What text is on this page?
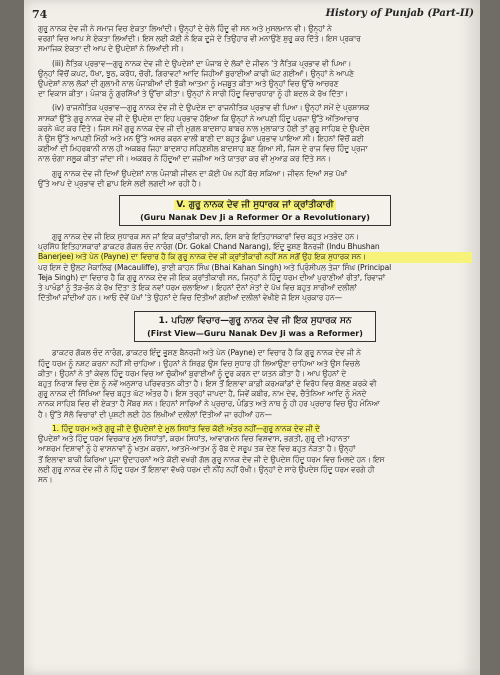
74	History of Punjab (Part-II)
ਗੁਰੂ ਨਾਨਕ ਦੇਵ ਜੀ ਨੇ ਸਮਾਜ ਵਿਚ ਏਕਤਾ ਲਿਆਂਦੀ। ਉਨ੍ਹਾਂ ਦੇ ਚੇਲੇ ਹਿੰਦੂ ਵੀ ਸਨ ਅਤੇ ਮੁਸਲਮਾਨ ਵੀ। ਉਨ੍ਹਾਂ ਨੇ
ਵਰਗਾਂ ਵਿਚ ਆਪ ਸੇ ਏਕਤਾ ਲਿਆਂਦੀ। ਇਸ ਲਈ ਕੋਈ ਨੇ ਇਕ ਦੂਜੇ ਦੇ ਤਿਉਹਾਰ ਵੀ ਮਨਾਉਣੇ ਸ਼ੁਰੂ ਕਰ ਦਿੱਤੇ। ਇਸ ਪ੍ਰਕਾਰ
ਸਮਾਜਿਕ ਏਕਤਾ ਦੀ ਆਪ ਦੇ ਉਪਦੇਸ਼ਾਂ ਨੇ ਲਿਆਂਦੀ ਸੀ।
(iii) ਨੈਤਿਕ ਪ੍ਰਭਾਵ—ਗੁਰੂ ਨਾਨਕ ਦੇਵ ਜੀ ਦੇ ਉਪਦੇਸ਼ਾਂ ਦਾ ਪੰਜਾਬ ਦੇ ਲੋਕਾਂ ਦੇ ਜੀਵਨ 'ਤੇ ਨੈਤਿਕ ਪ੍ਰਭਾਵ ਵੀ ਪਿਆ।
ਉਨ੍ਹਾਂ ਵਿੱਚੋਂ ਕਪਟ, ਧੋਖਾ, ਝੂਠ, ਕਰੋਧ, ਚੋਰੀ, ਗਿਰਾਵਟਾਂ ਆਦਿ ਜਿਹੀਆਂ ਬੁਰਾਈਆਂ ਕਾਫੀ ਘੱਟ ਗਈਆਂ। ਉਨ੍ਹਾਂ ਨੇ ਆਪਣੇ
ਉਪਦੇਸ਼ਾਂ ਨਾਲ ਲੋਕਾਂ ਦੀ ਗੁਲਾਮੀ ਨਾਲ ਪੰਜਾਬੀਆਂ ਦੀ ਝੁੱਕੀ ਆਤਮਾ ਨੂੰ ਮਜ਼ਬੂਤ ਕੀਤਾ ਅਤੇ ਉਨ੍ਹਾਂ ਵਿਚ ਉੱਚੇ ਆਚਰਣ
ਦਾ ਵਿਕਾਸ ਕੀਤਾ। ਪੰਜਾਬ ਨੂੰ ਗੁਰਸਿੱਖਾਂ ਤੇ ਉੱਚਾ ਕੀਤਾ। ਉਨ੍ਹਾਂ ਨੇ ਸਾਰੀ ਹਿੰਦੂ ਵਿਚਾਰਧਾਰਾ ਨੂੰ ਹੀ ਬਦਲ ਕੇ ਰੱਖ ਦਿੱਤਾ।
(iv) ਰਾਜਨੀਤਿਕ ਪ੍ਰਭਾਵ—ਗੁਰੂ ਨਾਨਕ ਦੇਵ ਜੀ ਦੇ ਉਪਦੇਸ਼ ਦਾ ਰਾਜਨੀਤਿਕ ਪ੍ਰਭਾਵ ਵੀ ਪਿਆ। ਉਨ੍ਹਾਂ ਸਮੇਂ ਦੇ ਪ੍ਰਸ਼ਾਸਕ
ਸਾਸਕਾਂ ਉੱਤੇ ਗੁਰੂ ਨਾਨਕ ਦੇਵ ਜੀ ਦੇ ਉਪਦੇਸ਼ ਦਾ ਇਹ ਪ੍ਰਭਾਵ ਹੋਇਆ ਕਿ ਉਨ੍ਹਾਂ ਨੇ ਆਪਣੀ ਹਿੰਦੂ ਪਰਜਾ ਉੱਤੇ ਅੱਤਿਆਚਾਰ
ਕਰਨੇ ਘੱਟ ਕਰ ਦਿੱਤੇ। ਜਿਸ ਸਮੇਂ ਗੁਰੂ ਨਾਨਕ ਦੇਵ ਜੀ ਦੀ ਮੁਗਲ ਬਾਦਸ਼ਾਹ ਬਾਬਰ ਨਾਲ ਮੁਲਾਕਾਤ ਹੋਈ ਤਾਂ ਗੁਰੂ ਸਾਹਿਬ ਦੇ ਉਪਦੇਸ਼
ਨੇ ਉਸ ਉੱਤੇ ਆਪਣੀ ਮਿੱਠੀ ਅਤੇ ਮਨ ਉੱਤੇ ਅਸਰ ਕਰਨ ਵਾਲੀ ਬਾਣੀ ਦਾ ਬਹੁਤ ਡੂੰਘਾ ਪ੍ਰਭਾਵ ਪਾਇਆ ਸੀ। ਇਹਨਾਂ ਵਿੱਚੋਂ ਕਈ
ਕਈਆਂ ਦੀ ਮਿਹਰਬਾਨੀ ਨਾਲ ਹੀ ਅਕਬਰ ਜਿਹਾ ਬਾਦਸ਼ਾਹ ਸਹਿਣਸ਼ੀਲ ਬਾਦਸ਼ਾਹ ਬਣ ਗਿਆ ਸੀ, ਜਿਸ ਦੇ ਰਾਜ ਵਿਚ ਹਿੰਦੂ ਪ੍ਰਜਾ
ਨਾਲ ਚੰਗਾ ਸਲੂਕ ਕੀਤਾ ਜਾਂਦਾ ਸੀ। ਅਕਬਰ ਨੇ ਹਿੰਦੂਆਂ ਦਾ ਜਜ਼ੀਆ ਅਤੇ ਯਾਤਰਾ ਕਰ ਵੀ ਮੁਆਫ਼ ਕਰ ਦਿੱਤੇ ਸਨ।
ਗੁਰੂ ਨਾਨਕ ਦੇਵ ਜੀ ਦਿਆਂ ਉਪਦੇਸ਼ਾਂ ਨਾਲ ਪੰਜਾਬੀ ਜੀਵਨ ਦਾ ਕੋਈ ਪੱਖ ਨਹੀਂ ਬੱਚ ਸਕਿਆ। ਜੀਵਨ ਦਿਆਂ ਸਭ ਪੱਖਾਂ
ਉੱਤੇ ਆਪ ਦੇ ਪ੍ਰਭਾਵ ਦੀ ਛਾਪ ਇਸੇ ਲਈ ਲਗਦੀ ਆ ਰਹੀ ਹੈ।
V. ਗੁਰੂ ਨਾਨਕ ਦੇਵ ਜੀ ਸੁਧਾਰਕ ਜਾਂ ਕ੍ਰਾਂਤੀਕਾਰੀ
(Guru Nanak Dev Ji a Reformer Or a Revolutionary)
ਗੁਰੂ ਨਾਨਕ ਦੇਵ ਜੀ ਇਕ ਸੁਧਾਰਕ ਸਨ ਜਾਂ ਇਕ ਕ੍ਰਾਂਤੀਕਾਰੀ ਸਨ, ਇਸ ਬਾਰੇ ਇਤਿਹਾਸਕਾਰਾਂ ਵਿਚ ਬਹੁਤ ਮਤਭੇਦ ਹਨ।
ਪ੍ਰਸਿੱਧ ਇਤਿਹਾਸਕਾਰਾਂ ਡਾਕਟਰ ਗੋਕਲ ਚੰਦ ਨਾਰੰਗ (Dr. Gokal Chand Narang), ਇੰਦੂ ਭੂਸ਼ਣ ਬੈਨਰਜੀ (Indu Bhushan
Banerjee) ਅਤੇ ਪੇਨ (Payne) ਦਾ ਵਿਚਾਰ ਹੈ ਕਿ ਗੁਰੂ ਨਾਨਕ ਦੇਵ ਜੀ ਕ੍ਰਾਂਤੀਕਾਰੀ ਨਹੀਂ ਸਨ ਸਗੋਂ ਉਹ ਇਕ ਸੁਧਾਰਕ ਸਨ।
ਪਰ ਇਸ ਦੇ ਉਲਟ ਮੈਕਾਲਿਫ (Macauliffe), ਭਾਈ ਕਾਹਨ ਸਿੰਘ (Bhai Kahan Singh) ਅਤੇ ਪ੍ਰਿੰਸੀਪਲ ਤੇਜਾ ਸਿੰਘ (Principal
Teja Singh) ਦਾ ਵਿਚਾਰ ਹੈ ਕਿ ਗੁਰੂ ਨਾਨਕ ਦੇਵ ਜੀ ਇਕ ਕ੍ਰਾਂਤੀਕਾਰੀ ਸਨ, ਜਿਨ੍ਹਾਂ ਨੇ ਹਿੰਦੂ ਧਰਮ ਦੀਆਂ ਪੁਰਾਣੀਆਂ ਰੀਤਾਂ, ਰਿਵਾਜਾਂ
ਤੇ ਪਾਖੰਡਾਂ ਨੂੰ ਤੋੜ-ਭੰਨ ਕੇ ਰੱਖ ਦਿੱਤਾ ਤੇ ਇਕ ਨਵਾਂ ਧਰਮ ਚਲਾਇਆ। ਇਹਨਾਂ ਦੋਨਾਂ ਮੱਤਾਂ ਦੇ ਪੱਖ ਵਿਚ ਬਹੁਤ ਸਾਰੀਆਂ ਦਲੀਲਾਂ
ਦਿੱਤੀਆਂ ਜਾਂਦੀਆਂ ਹਨ। ਆਓ ਦੋਵੇਂ ਪੱਖਾਂ 'ਤੇ ਉਹਨਾਂ ਦੇ ਵਿਚ ਦਿੱਤੀਆਂ ਗਈਆਂ ਦਲੀਲਾਂ ਵੇਖੀਏ ਜੋ ਇਸ ਪ੍ਰਕਾਰ ਹਨ—
1. ਪਹਿਲਾ ਵਿਚਾਰ—ਗੁਰੂ ਨਾਨਕ ਦੇਵ ਜੀ ਇਕ ਸੁਧਾਰਕ ਸਨ
(First View—Guru Nanak Dev Ji was a Reformer)
ਡਾਕਟਰ ਗੋਕਲ ਚੰਦ ਨਾਰੰਗ, ਡਾਕਟਰ ਇੰਦੂ ਭੂਸ਼ਣ ਬੈਨਰਜੀ ਅਤੇ ਪੇਨ (Payne) ਦਾ ਵਿਚਾਰ ਹੈ ਕਿ ਗੁਰੂ ਨਾਨਕ ਦੇਵ ਜੀ ਨੇ
ਹਿੰਦੂ ਧਰਮ ਨੂੰ ਨਸ਼ਟ ਕਰਨਾ ਨਹੀਂ ਸੀ ਚਾਹਿਆ। ਉਹਨਾਂ ਨੇ ਸਿਰਫ਼ ਉਸ ਵਿਚ ਸੁਧਾਰ ਹੀ ਲਿਆਉਣਾ ਚਾਹਿਆ ਅਤੇ ਉਸ ਵਿਚਲੇ
ਕੀਤਾ। ਉਹਨਾਂ ਨੇ ਤਾਂ ਕੇਵਲ ਹਿੰਦੂ ਧਰਮ ਵਿਚ ਆ ਚੁੱਕੀਆਂ ਬੁਰਾਈਆਂ ਨੂੰ ਦੂਰ ਕਰਨ ਦਾ ਯਤਨ ਕੀਤਾ ਹੈ। ਆਪ ਉਹਨਾਂ ਦੇ
ਬਹੁਤ ਨਿਰਾਸ਼ ਵਿਚ ਦੇਸ਼ ਨੂੰ ਨਵੇਂ ਅਨੁਸਾਰ ਪਰਿਵਰਤਨ ਕੀਤਾ ਹੈ। ਇਸ ਤੋਂ ਇਲਾਵਾ ਕਾਫ਼ੀ ਕਰਮਕਾਂਡਾਂ ਦੇ ਵਿਰੋਧ ਵਿਚ ਬੋਲਣ ਕਰਕੇ ਵੀ
ਗੁਰੂ ਨਾਨਕ ਦੀ ਸਿੱਖਿਆ ਵਿਚ ਬਹੁਤ ਘੱਟ ਅੰਤਰ ਹੈ। ਇਸ ਤਰ੍ਹਾਂ ਜਾਪਦਾ ਹੈ, ਜਿਵੇਂ ਕਬੀਰ, ਨਾਮ ਦੇਵ, ਚੈਤੰਨਿਆ ਆਦਿ ਨੂੰ ਮੰਨਦੇ
ਨਾਨਕ ਸਾਹਿਬ ਵਿਚ ਵੀ ਏਕਤਾ ਹੈ ਮੈਂਬਰ ਸਨ। ਇਹਨਾਂ ਸਾਰਿਆਂ ਨੇ ਪ੍ਰਚਾਰ, ਪੰਡਿਤ ਅਤੇ ਨਾਥ ਨੂੰ ਹੀ ਹਰ ਪ੍ਰਚਾਰ ਵਿਚ ਉਹ ਮੰਨਿਆ
ਹੈ। ਉੱਤੇ ਸੋਲੋ ਵਿਚਾਰਾਂ ਦੀ ਪੁਸ਼ਟੀ ਲਈ ਹੇਠ ਲਿਖੀਆਂ ਦਲੀਲਾਂ ਦਿੱਤੀਆਂ ਜਾ ਰਹੀਆਂ ਹਨ—
1. ਹਿੰਦੂ ਧਰਮ ਅਤੇ ਗੁਰੂ ਜੀ ਦੇ ਉਪਦੇਸ਼ਾਂ ਦੇ ਮੂਲ ਸਿਧਾਂਤ ਵਿਚ ਕੋਈ ਅੰਤਰ ਨਹੀਂ—ਗੁਰੂ ਨਾਨਕ ਦੇਵ ਜੀ ਦੇ
ਉਪਦੇਸ਼ਾਂ ਅਤੇ ਹਿੰਦੂ ਧਰਮ ਵਿਚਕਾਰ ਮੂਲ ਸਿਧਾਂਤਾਂ, ਕਰਮ ਸਿਧਾਂਤ, ਆਵਾਗਮਨ ਵਿਚ ਵਿਸ਼ਵਾਸ, ਭਗਤੀ, ਗੁਰੂ ਦੀ ਮਹਾਨਤਾ
ਆਸ਼ਰਮ ਦਿਸ਼ਾਵਾਂ ਨੂੰ ਹੇ ਵਾਸਨਾਵਾਂ ਨੂੰ ਖਤਮ ਕਰਨਾ, ਆਤਮੋ-ਆਤਮ ਨੂੰ ਰੱਬ ਦੇ ਸਰੂਪ ਤਕ ਦੇਣ ਵਿਚ ਬਹੁਤ ਨੇੜਤਾ ਹੈ। ਉਨ੍ਹਾਂ
ਤੋਂ ਇਲਾਵਾ ਬਾਕੀ ਕਿਰਿਆ ਪੂਜਾ ਉਦਾਹਰਨਾਂ ਅਤੇ ਕੋਈ ਵਖਰੀ ਗੱਲ ਗੁਰੂ ਨਾਨਕ ਦੇਵ ਜੀ ਦੇ ਉਪਦੇਸ਼ ਹਿੰਦੂ ਧਰਮ ਵਿਚ ਮਿਲਦੇ ਹਨ। ਇਸ
ਲਈ ਗੁਰੂ ਨਾਨਕ ਦੇਵ ਜੀ ਨੇ ਹਿੰਦੂ ਧਰਮ ਤੋਂ ਇਲਾਵਾ ਵੱਖਰੇ ਧਰਮ ਦੀ ਨੀਂਹ ਨਹੀਂ ਰੱਖੀ। ਉਨ੍ਹਾਂ ਦੇ ਸਾਰੇ ਉਪਦੇਸ਼ ਹਿੰਦੂ ਧਰਮ ਵਰਗੇ ਹੀ
ਸਨ।
